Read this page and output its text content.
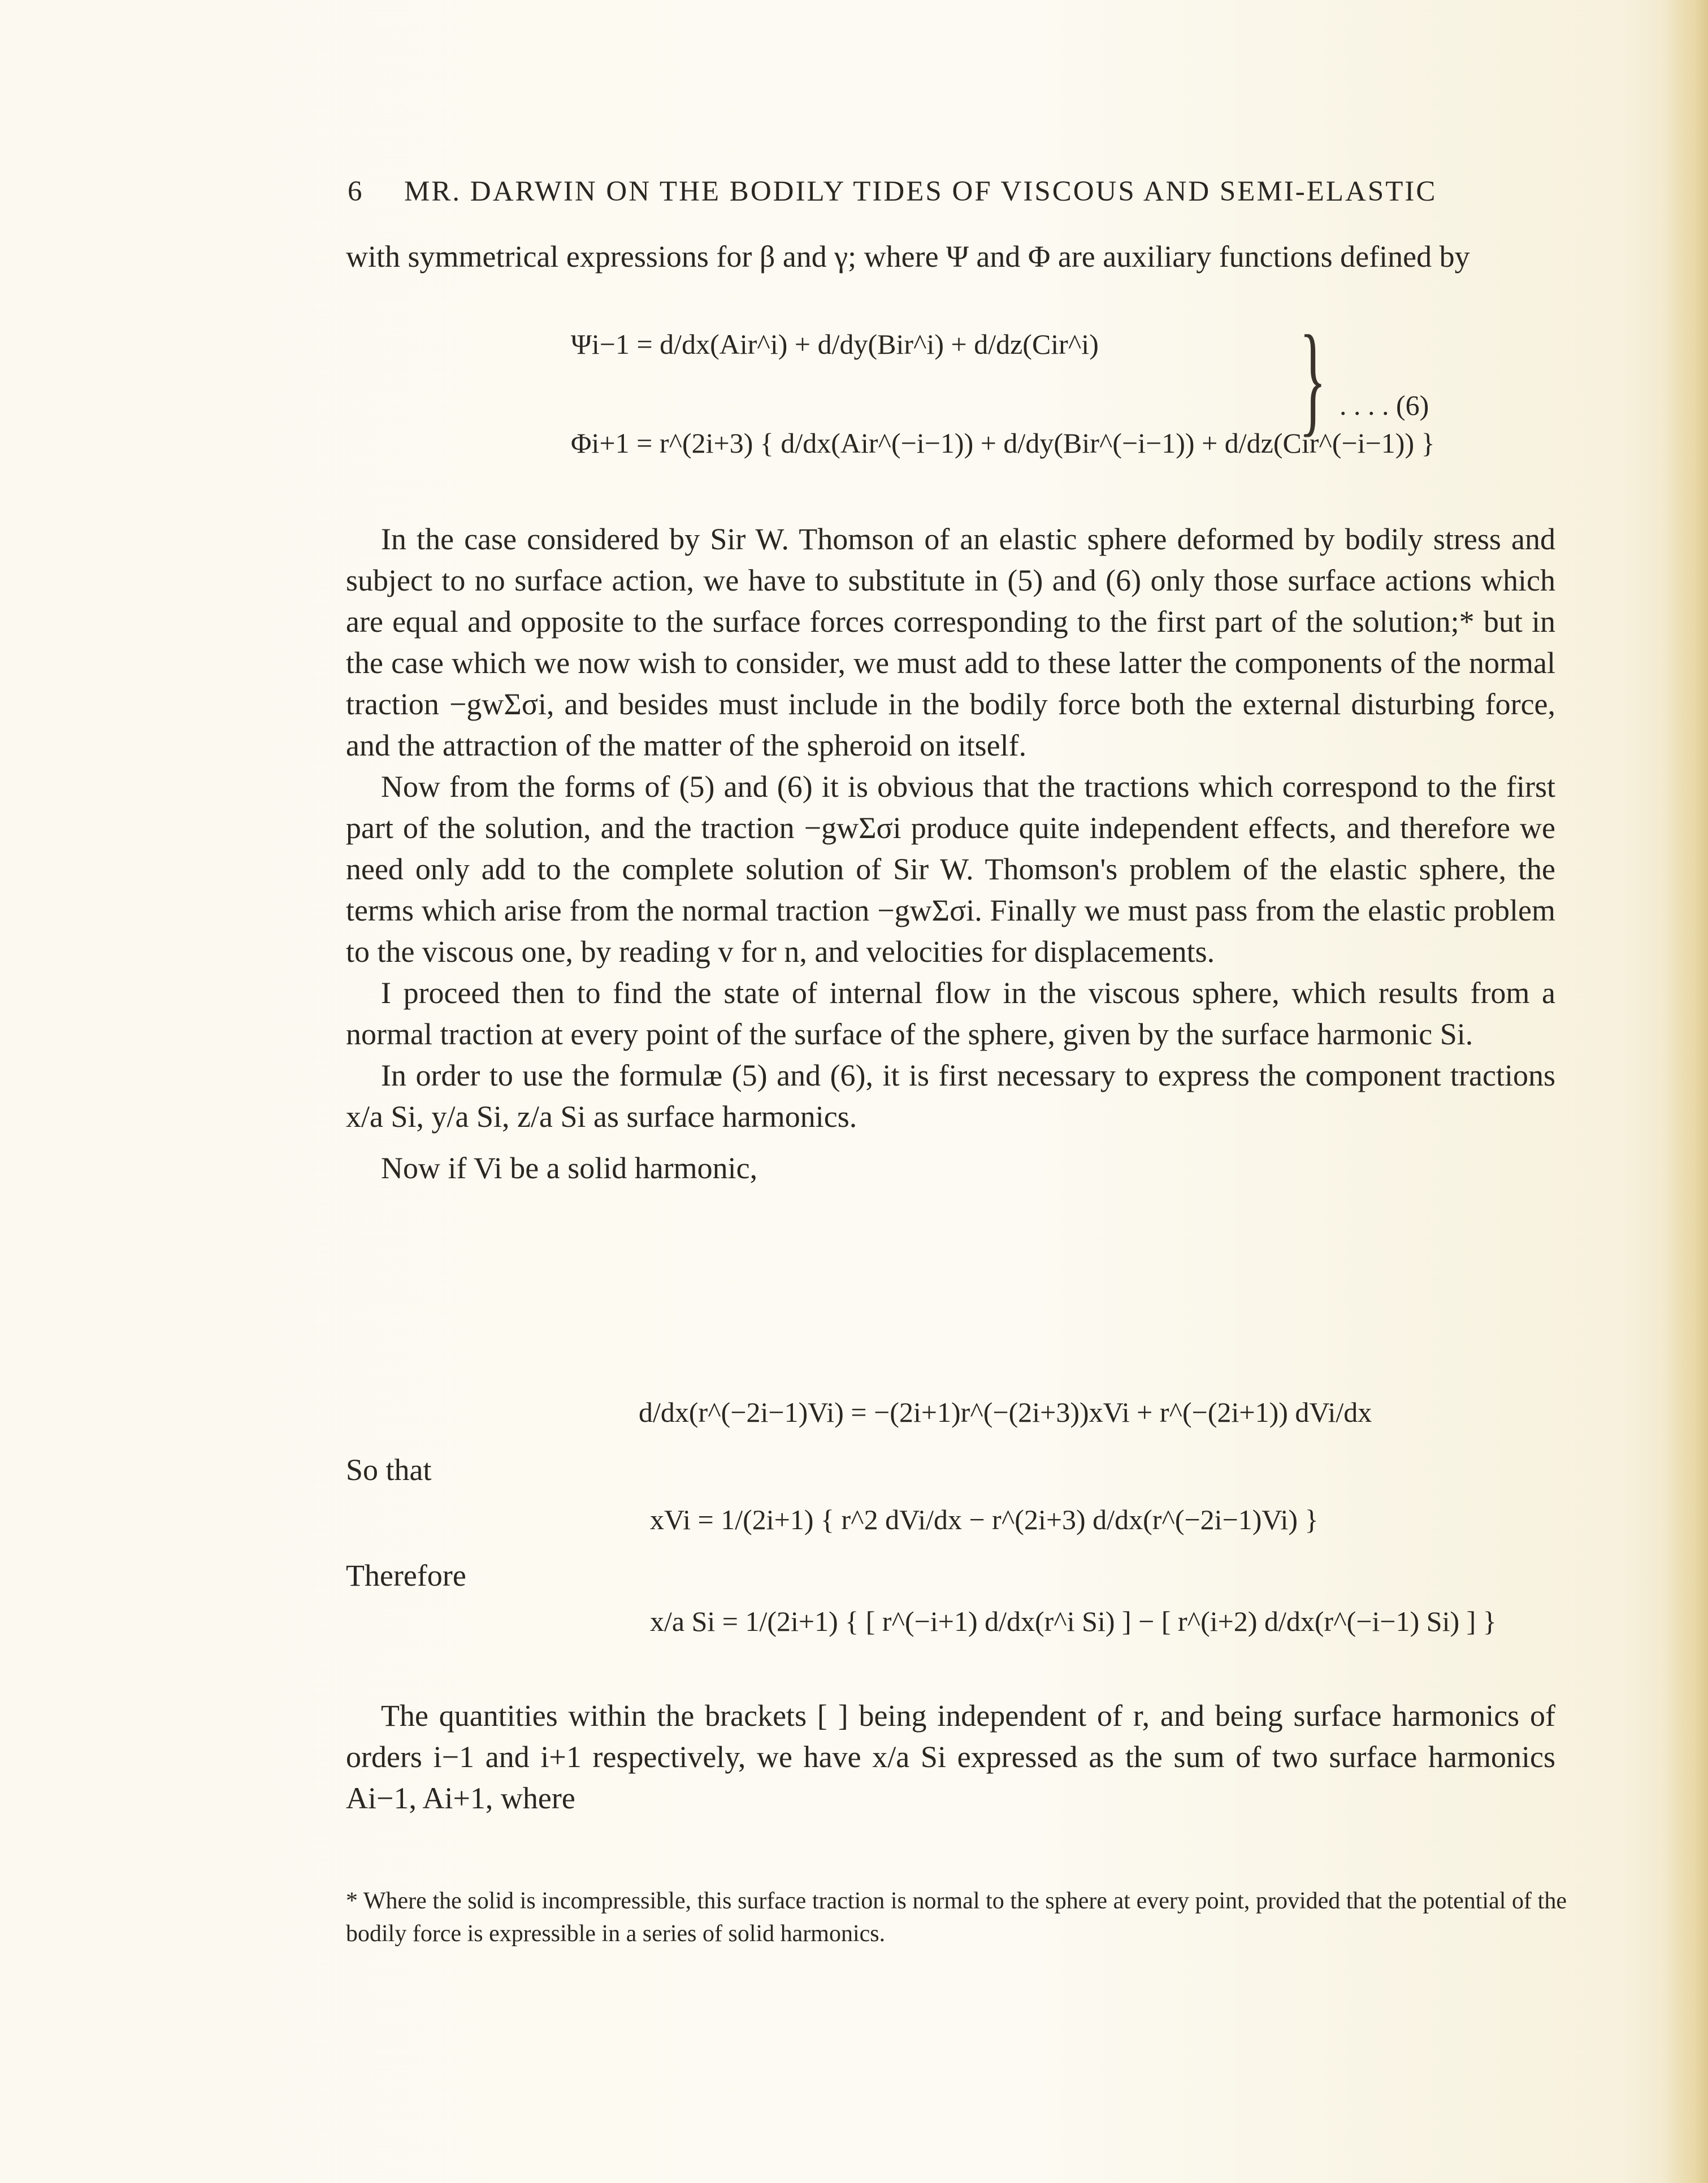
6	MR. DARWIN ON THE BODILY TIDES OF VISCOUS AND SEMI-ELASTIC

with symmetrical expressions for β and γ; where Ψ and Φ are auxiliary functions defined by

Ψi−1 = d/dx(Air^i) + d/dy(Bir^i) + d/dz(Cir^i)
Φi+1 = r^(2i+3) { d/dx(Air^(−i−1)) + d/dy(Bir^(−i−1)) + d/dz(Cir^(−i−1)) }
} . . . . (6)

In the case considered by Sir W. Thomson of an elastic sphere deformed by bodily stress and subject to no surface action, we have to substitute in (5) and (6) only those surface actions which are equal and opposite to the surface forces corresponding to the first part of the solution;* but in the case which we now wish to consider, we must add to these latter the components of the normal traction −gwΣσi, and besides must include in the bodily force both the external disturbing force, and the attraction of the matter of the spheroid on itself.

Now from the forms of (5) and (6) it is obvious that the tractions which correspond to the first part of the solution, and the traction −gwΣσi produce quite independent effects, and therefore we need only add to the complete solution of Sir W. Thomson's problem of the elastic sphere, the terms which arise from the normal traction −gwΣσi. Finally we must pass from the elastic problem to the viscous one, by reading v for n, and velocities for displacements.

I proceed then to find the state of internal flow in the viscous sphere, which results from a normal traction at every point of the surface of the sphere, given by the surface harmonic Si.

In order to use the formulæ (5) and (6), it is first necessary to express the component tractions x/a Si, y/a Si, z/a Si as surface harmonics.

Now if Vi be a solid harmonic,

d/dx(r^(−2i−1)Vi) = −(2i+1)r^(−(2i+3))xVi + r^(−(2i+1)) dVi/dx
So that
xVi = 1/(2i+1) { r^2 dVi/dx − r^(2i+3) d/dx(r^(−2i−1)Vi) }
Therefore
x/a Si = 1/(2i+1) { [ r^(−i+1) d/dx(r^i Si) ] − [ r^(i+2) d/dx(r^(−i−1) Si) ] }

The quantities within the brackets [ ] being independent of r, and being surface harmonics of orders i−1 and i+1 respectively, we have x/a Si expressed as the sum of two surface harmonics Ai−1, Ai+1, where

* Where the solid is incompressible, this surface traction is normal to the sphere at every point, provided that the potential of the bodily force is expressible in a series of solid harmonics.
